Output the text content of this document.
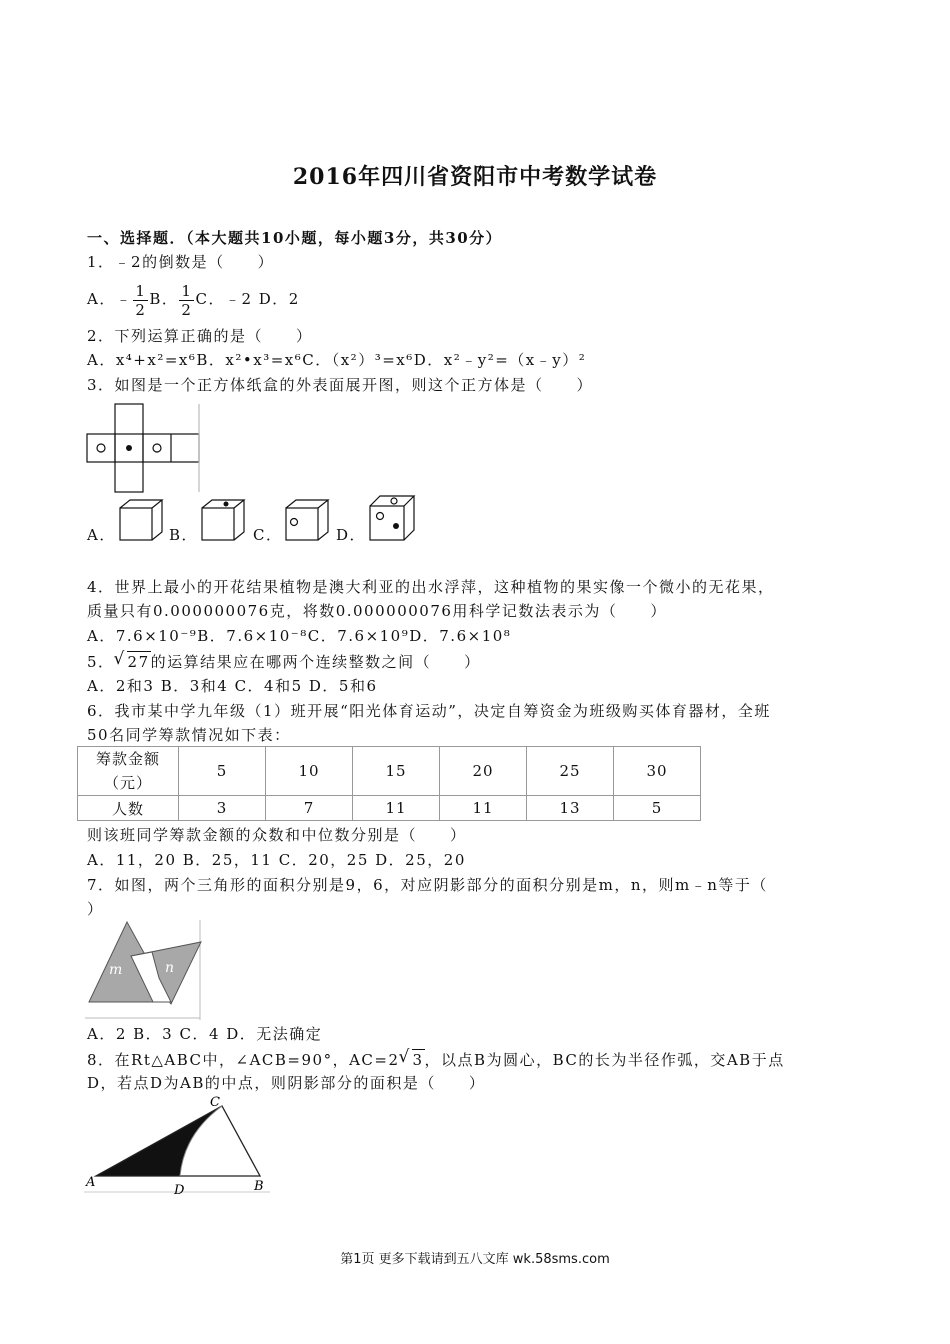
2016年四川省资阳市中考数学试卷
一、选择题．（本大题共10小题，每小题3分，共30分）
1．﹣2的倒数是（　　）
A．﹣ $\frac{1}{2}$ B． $\frac{1}{2}$ C．﹣2 D．2
2．下列运算正确的是（　　）
A．x⁴+x²=x⁶B．x²•x³=x⁶C．（x²）³=x⁶D．x²﹣y²=（x﹣y）²
3．如图是一个正方体纸盒的外表面展开图，则这个正方体是（　　）
A．	B．	C．	D．
4．世界上最小的开花结果植物是澳大利亚的出水浮萍，这种植物的果实像一个微小的无花果，
质量只有0.000000076克，将数0.000000076用科学记数法表示为（　　）
A．7.6×10⁻⁹B．7.6×10⁻⁸C．7.6×10⁹D．7.6×10⁸
5． √ 27的运算结果应在哪两个连续整数之间（　　）
A．2和3 B．3和4 C．4和5 D．5和6
6．我市某中学九年级（1）班开展“阳光体育运动”，决定自筹资金为班级购买体育器材，全班
50名同学筹款情况如下表：
筹款金额
（元）	5	10	15	20	25	30
人数	3	7	11	11	13	5
则该班同学筹款金额的众数和中位数分别是（　　）
A．11，20 B．25，11 C．20，25 D．25，20
7．如图，两个三角形的面积分别是9，6，对应阴影部分的面积分别是m，n，则m﹣n等于（
）
m	n
A．2 B．3 C．4 D．无法确定
8．在Rt△ABC中，∠ACB=90°，AC=2 √ 3，以点B为圆心，BC的长为半径作弧，交AB于点
D，若点D为AB的中点，则阴影部分的面积是（　　）
A
D	B
C
第1页 更多下载请到五八文库 wk.58sms.com
